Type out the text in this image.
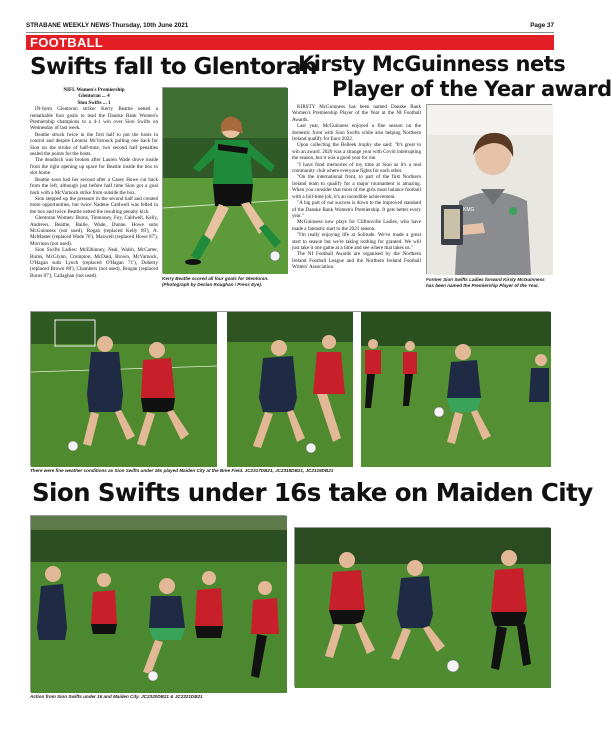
STRABANE WEEKLY NEWS·Thursday, 10th June 2021	Page 37
FOOTBALL
Swifts fall to Glentoran
Kirsty McGuinness nets
Player of the Year award

NIFL Women's Premiership

Glentoran ... 4

Sion Swifts ... 1

IN-form Glentoran striker Kerry Beattie netted a remarkable four goals to lead the Danske Bank Women's Premiership champions to a 4-1 win over Sion Swifts on Wednesday of last week.

Beattie struck twice in the first half to put the hosts in control and despite Leontia McVarnock pulling one back for Sion on the stroke of half-time, two second half penalties sealed the points for the hosts.

The deadlock was broken after Lauren Wade drove inside from the right opening up space for Beattie inside the box to slot home.

Beattie soon had her second after a Casey Howe cut back from the left, although just before half time Sion got a goal back with a McVarnock strike from outside the box.

Sion stepped up the pressure in the second half and created more opportunities, but twice Nadene Caldwell was felled in the box and twice Beattie netted the resulting penalty kick.

Glentoran Women: Burns, Tinmoney, Foy, Caldwell, Kelly, Andrews, Beattie, Bailie, Wade, Dunne, Howe subs McGuinness (not used), Rogan (replaced Kelly 69'), A. McMaster (replaced Wade 76'), Maxwell (replaced Howe 87'), Morrison (not used).

Sion Swifts Ladies: McElhinney, Neal, Walsh, McCarter, Burns, McGlynn, Crumpton, McDaid, Brown, McVarnock, O'Hagan subs Lynch (replaced O'Hagan 71'), Doherty (replaced Brown 88'), Chambers (not used), Brogan (replaced Burns 87'), Callaghan (not used).	Kerry Beattie scored all four goals for Glentoran. (Photograph by Declan Roughan / Press Eye).

KIRSTY McGuinness has been named Danske Bank Women's Premiership Player of the Year at the NI Football Awards.

Last year, McGuinness enjoyed a fine season on the domestic front with Sion Swifts while also helping Northern Ireland qualify for Euro 2022.

Upon collecting the Belleek trophy she said: "It's great to win an award. 2020 was a strange year with Covid interrupting the season, but it was a good year for me.

"I have fond memories of my time at Sion as it's a real community club where everyone fights for each other.

"On the international front, to part of the first Northern Ireland team to qualify for a major tournament is amazing. When you consider that most of the girls must balance football with a full-time job, it's an incredible achievement.

"A big part of our success is down to the improved standard of the Danske Bank Women's Premiership. It gets better every year."

McGuinness now plays for Cliftonville Ladies, who have made a fantastic start to the 2021 season.

"I'm really enjoying life at Solitude. We've made a great start to season but we're taking nothing for granted. We will just take it one game at a time and see where that takes us."

The NI Football Awards are organised by the Northern Ireland Football League and the Northern Ireland Football Writers' Association.

KMG
Former Sion Swifts Ladies forward Kirsty McGuinness has been named the Premiership Player of the Year.
There were fine weather conditions as Sion Swifts under 16s played Maiden City at the Bree Field. JC2317DB21, JC2318DB21, JC2319DB21
Sion Swifts under 16s take on Maiden City
Action from Sion Swifts under 16 and Maiden City. JC2320DB21 & JC2321DB21
